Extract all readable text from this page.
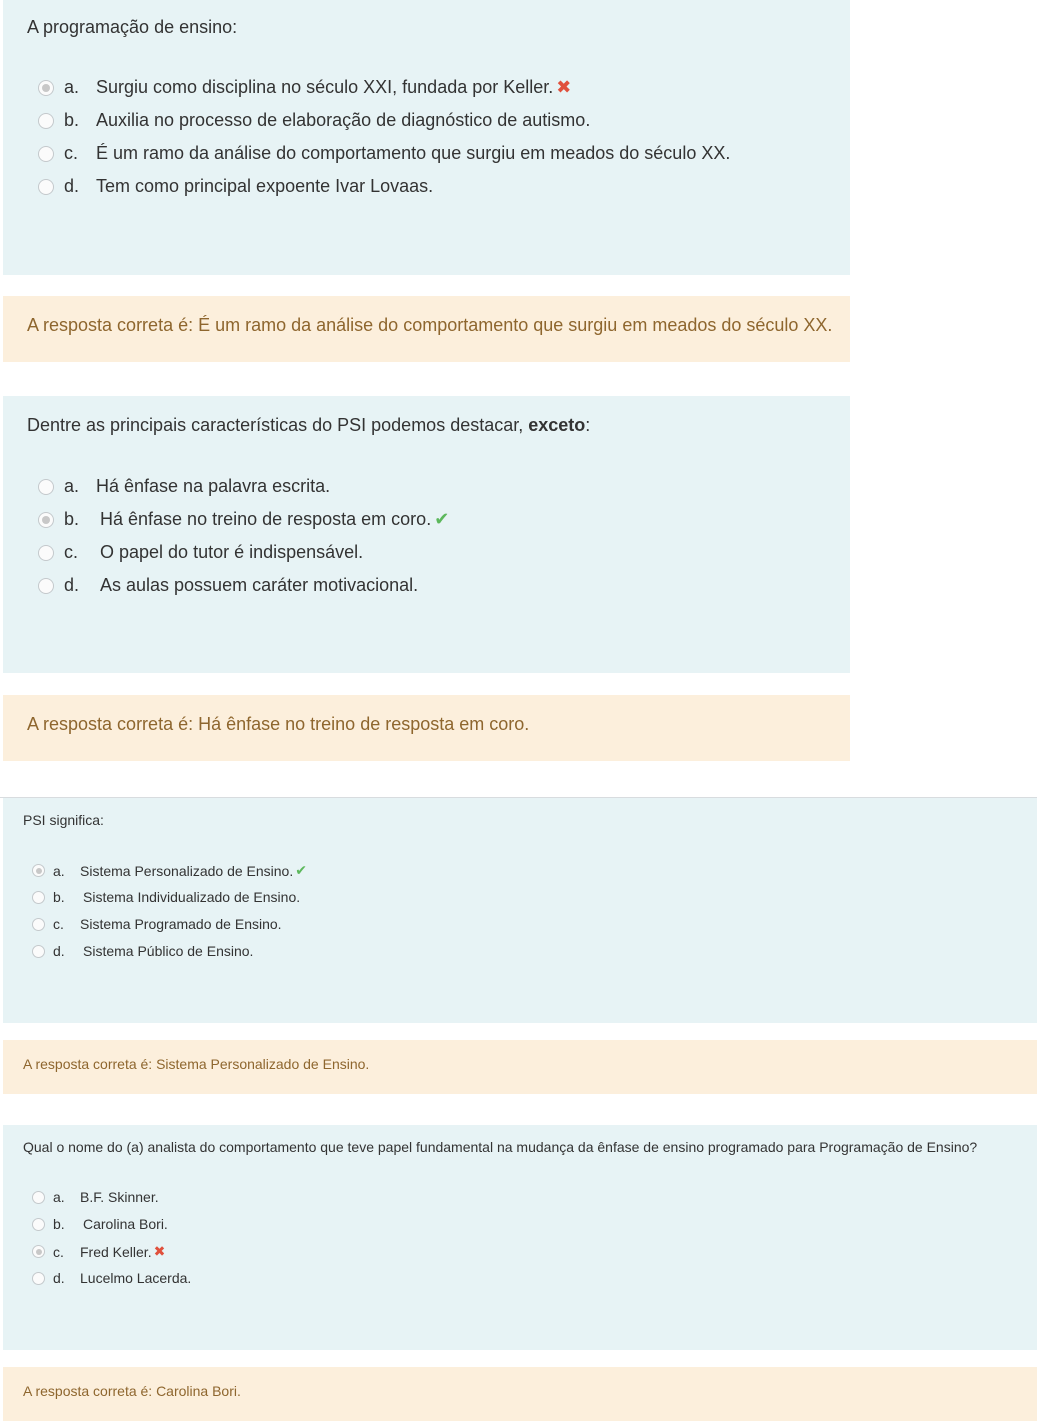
A programação de ensino:
a. Surgiu como disciplina no século XXI, fundada por Keller. ✖
b. Auxilia no processo de elaboração de diagnóstico de autismo.
c. É um ramo da análise do comportamento que surgiu em meados do século XX.
d. Tem como principal expoente Ivar Lovaas.
A resposta correta é: É um ramo da análise do comportamento que surgiu em meados do século XX.
Dentre as principais características do PSI podemos destacar, exceto:
a. Há ênfase na palavra escrita.
b.	Há ênfase no treino de resposta em coro. ✔
c.	O papel do tutor é indispensável.
d.	As aulas possuem caráter motivacional.
A resposta correta é: Há ênfase no treino de resposta em coro.
PSI significa:
a.	Sistema Personalizado de Ensino. ✔
b.	Sistema Individualizado de Ensino.
c.	Sistema Programado de Ensino.
d.	Sistema Público de Ensino.
A resposta correta é: Sistema Personalizado de Ensino.
Qual o nome do (a) analista do comportamento que teve papel fundamental na mudança da ênfase de ensino programado para Programação de Ensino?
a.	B.F. Skinner.
b.	Carolina Bori.
c.	Fred Keller. ✖
d.	Lucelmo Lacerda.
A resposta correta é: Carolina Bori.
